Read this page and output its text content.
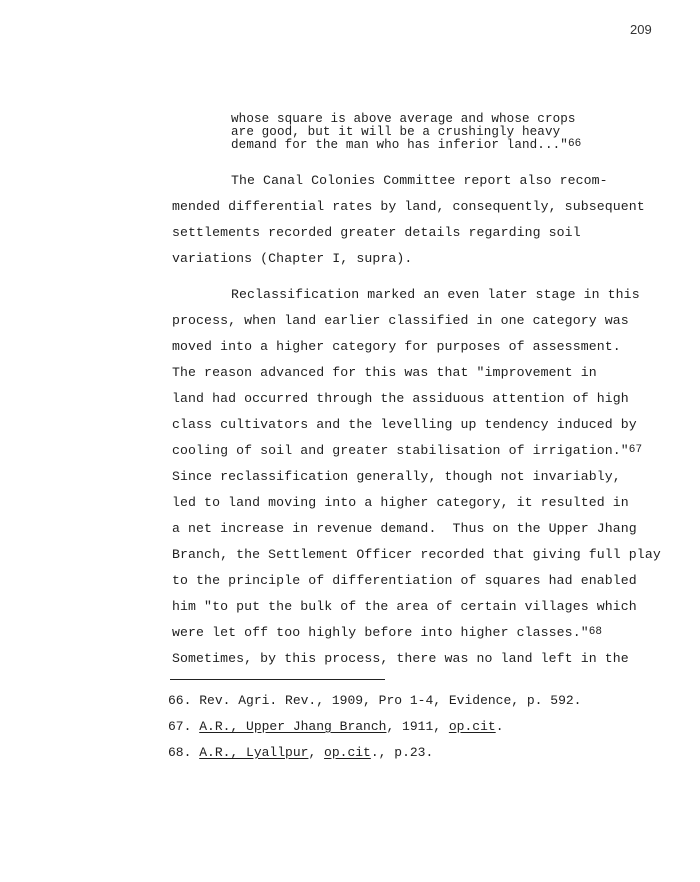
209
whose square is above average and whose crops
are good, but it will be a crushingly heavy
demand for the man who has inferior land..."$^{66}$
The Canal Colonies Committee report also recom-
mended differential rates by land, consequently, subsequent
settlements recorded greater details regarding soil
variations (Chapter I, supra).
Reclassification marked an even later stage in this
process, when land earlier classified in one category was
moved into a higher category for purposes of assessment.
The reason advanced for this was that "improvement in
land had occurred through the assiduous attention of high
class cultivators and the levelling up tendency induced by
cooling of soil and greater stabilisation of irrigation."$^{67}$
Since reclassification generally, though not invariably,
led to land moving into a higher category, it resulted in
a net increase in revenue demand.  Thus on the Upper Jhang
Branch, the Settlement Officer recorded that giving full play
to the principle of differentiation of squares had enabled
him "to put the bulk of the area of certain villages which
were let off too highly before into higher classes."$^{68}$
Sometimes, by this process, there was no land left in the
66. Rev. Agri. Rev., 1909, Pro 1-4, Evidence, p. 592.
67. A.R., Upper Jhang Branch, 1911, op.cit.
68. A.R., Lyallpur, op.cit., p.23.
